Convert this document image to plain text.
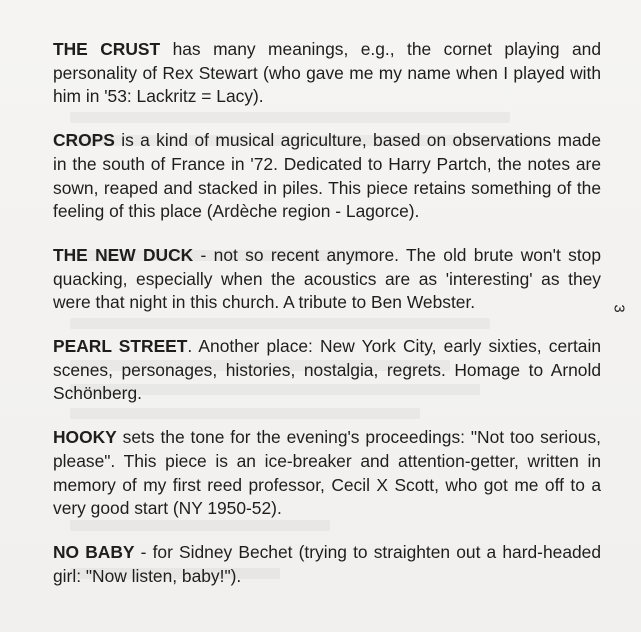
THE CRUST has many meanings, e.g., the cornet playing and personality of Rex Stewart (who gave me my name when I played with him in '53: Lackritz = Lacy).

CROPS is a kind of musical agriculture, based on observations made in the south of France in '72. Dedicated to Harry Partch, the notes are sown, reaped and stacked in piles. This piece retains something of the feeling of this place (Ardèche region - Lagorce).

THE NEW DUCK - not so recent anymore. The old brute won't stop quacking, especially when the acoustics are as 'interesting' as they were that night in this church. A tribute to Ben Webster.

PEARL STREET. Another place: New York City, early sixties, certain scenes, personages, histories, nostalgia, regrets. Homage to Arnold Schönberg.

HOOKY sets the tone for the evening's proceedings: "Not too serious, please". This piece is an ice-breaker and attention-getter, written in memory of my first reed professor, Cecil X Scott, who got me off to a very good start (NY 1950-52).

NO BABY - for Sidney Bechet (trying to straighten out a hard-headed girl: "Now listen, baby!").

3
